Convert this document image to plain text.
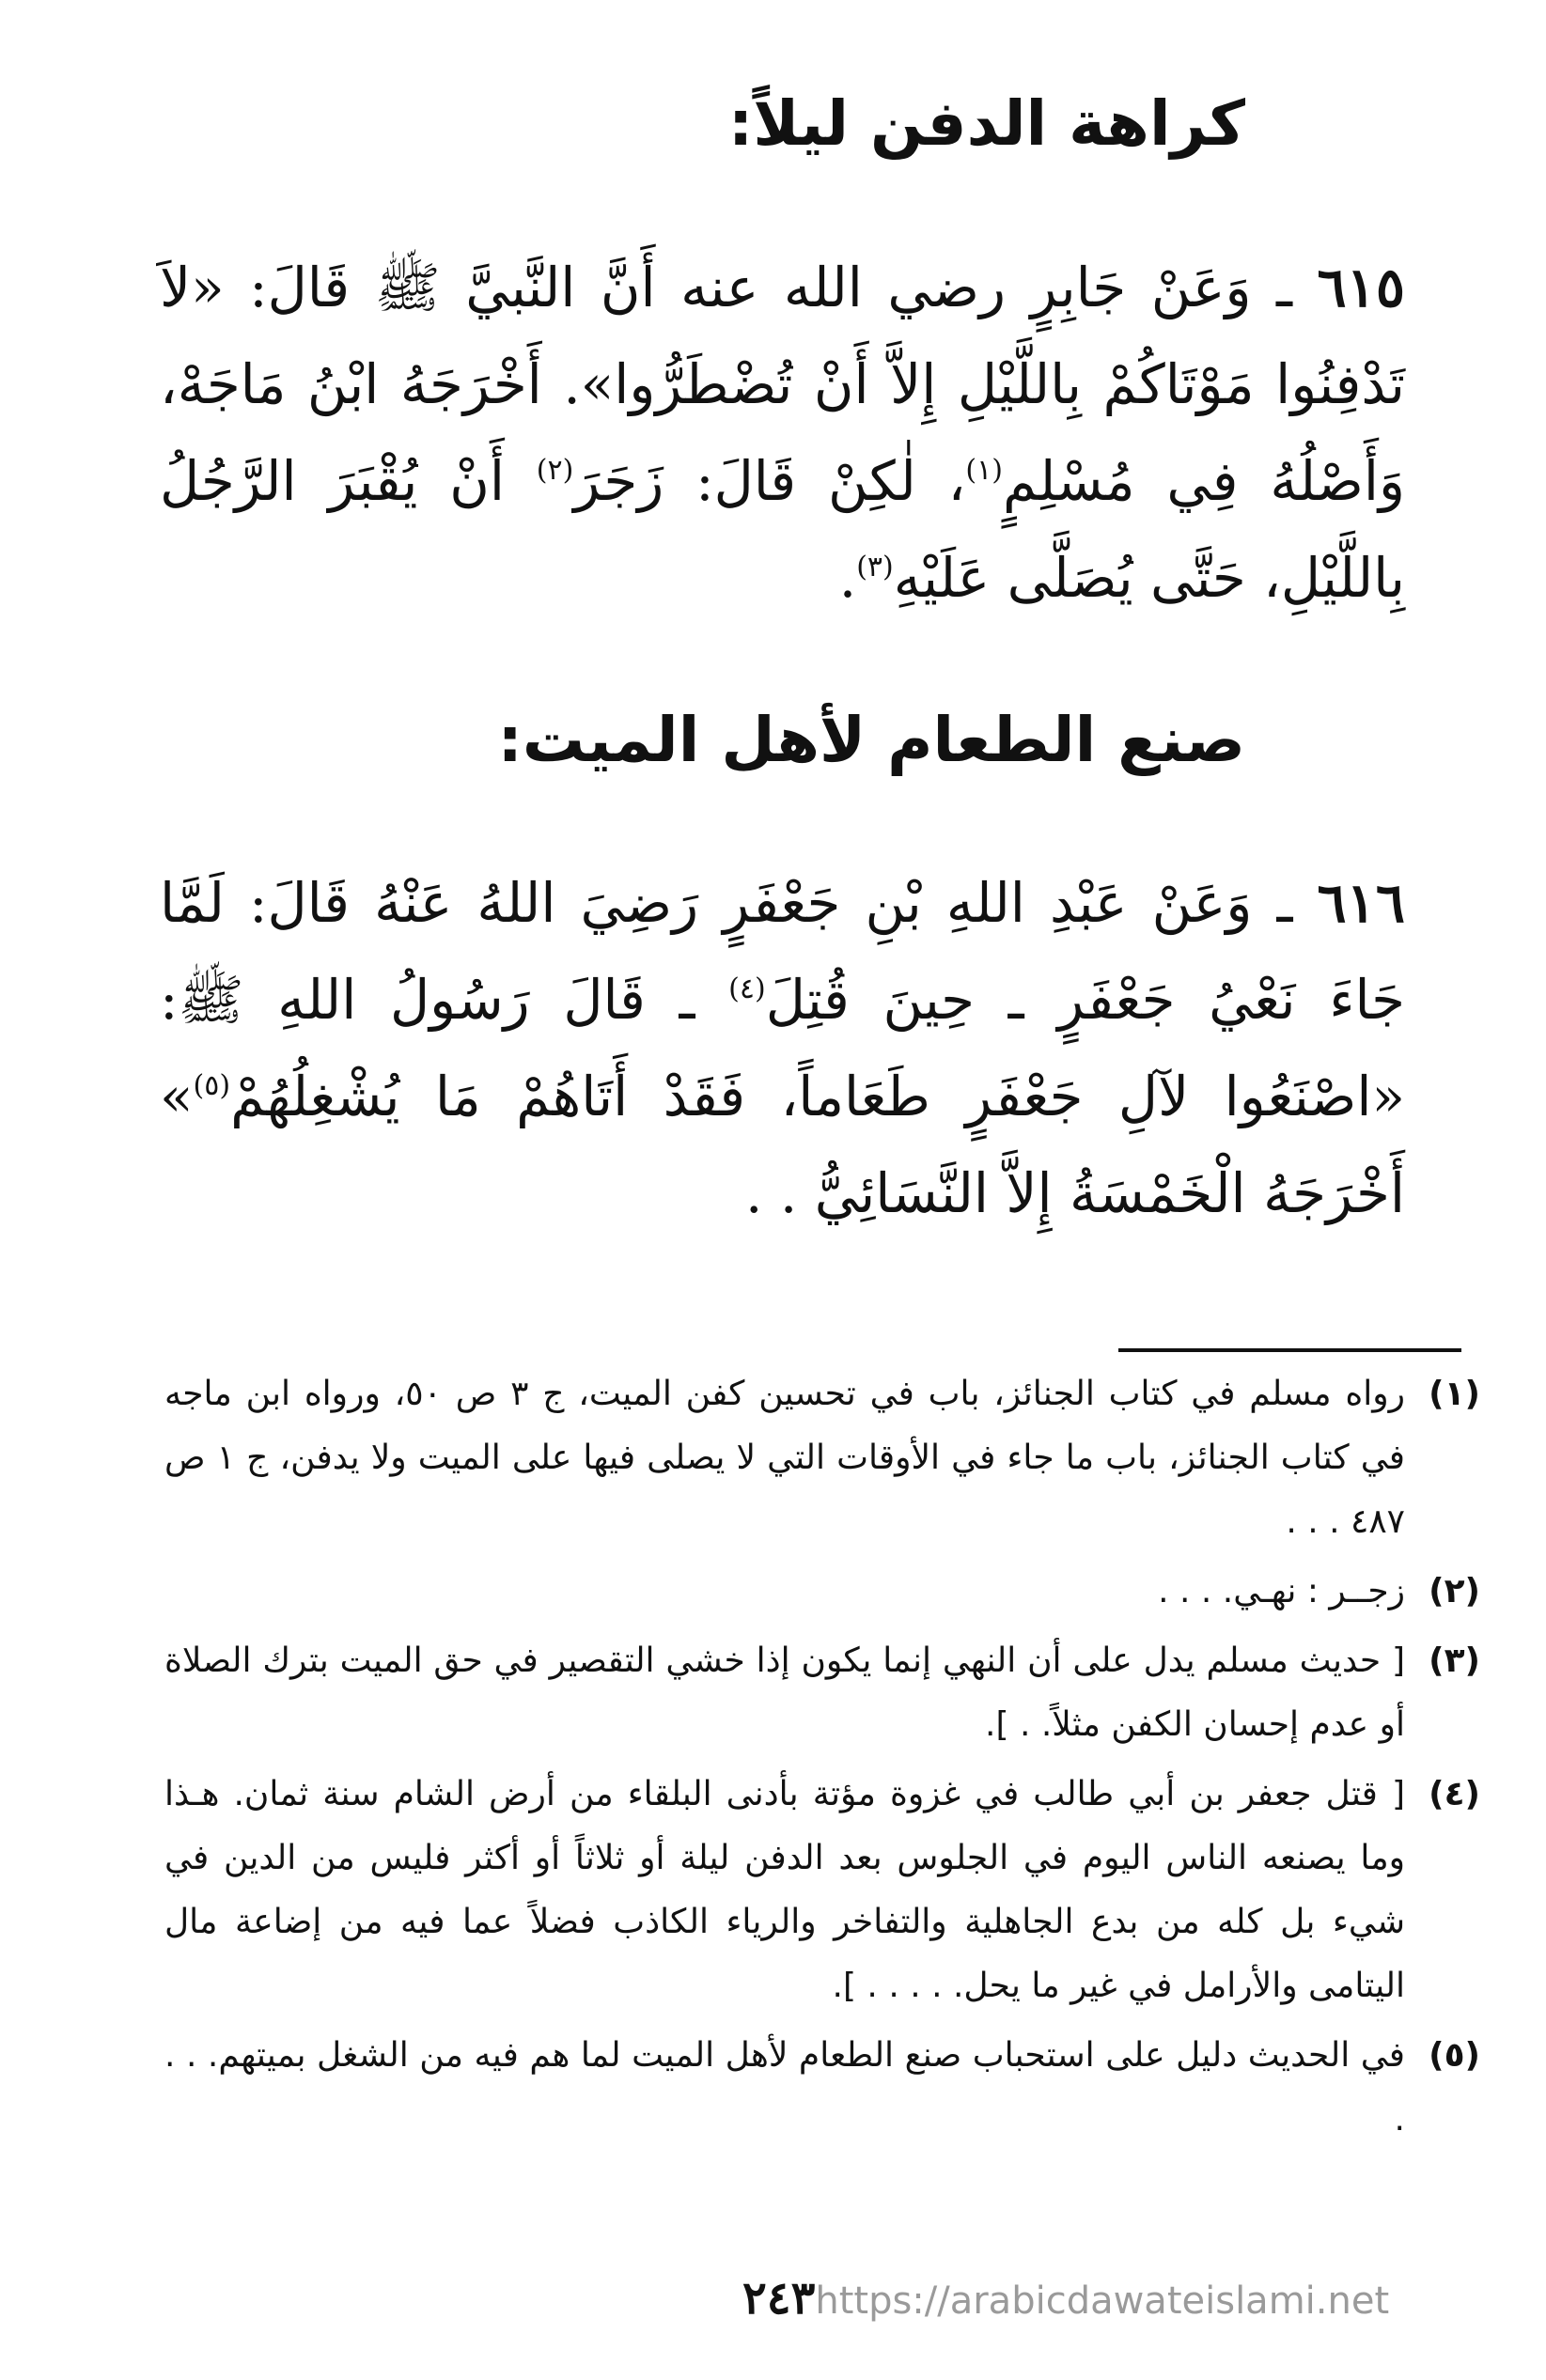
كراهة الدفن ليلاً:

٦١٥ ـ وَعَنْ جَابِرٍ رضي الله عنه أَنَّ النَّبيَّ ﷺ قَالَ: «لاَ تَدْفِنُوا مَوْتَاكُمْ بِاللَّيْلِ إِلاَّ أَنْ تُضْطَرُّوا». أَخْرَجَهُ ابْنُ مَاجَهْ، وَأَصْلُهُ فِي مُسْلِمٍ$^{(١)}$، لٰكِنْ قَالَ: زَجَرَ$^{(٢)}$ أَنْ يُقْبَرَ الرَّجُلُ بِاللَّيْلِ، حَتَّى يُصَلَّى عَلَيْهِ$^{(٣)}$.

صنع الطعام لأهل الميت:

٦١٦ ـ وَعَنْ عَبْدِ اللهِ بْنِ جَعْفَرٍ رَضِيَ اللهُ عَنْهُ قَالَ: لَمَّا جَاءَ نَعْيُ جَعْفَرٍ ـ حِينَ قُتِلَ$^{(٤)}$ ـ قَالَ رَسُولُ اللهِ ﷺ: «اصْنَعُوا لآلِ جَعْفَرٍ طَعَاماً، فَقَدْ أَتَاهُمْ مَا يُشْغِلُهُمْ$^{(٥)}$» أَخْرَجَهُ الْخَمْسَةُ إِلاَّ النَّسَائِيُّ . .

(١)
رواه مسلم في كتاب الجنائز، باب في تحسين كفن الميت، ج ٣ ص ٥٠، ورواه ابن ماجه في كتاب الجنائز، باب ما جاء في الأوقات التي لا يصلى فيها على الميت ولا يدفن، ج ١ ص ٤٨٧ . . .
(٢)
زجــر : نهـي. . . .
(٣)
[ حديث مسلم يدل على أن النهي إنما يكون إذا خشي التقصير في حق الميت بترك الصلاة أو عدم إحسان الكفن مثلاً. . ].
(٤)
[ قتل جعفر بن أبي طالب في غزوة مؤتة بأدنى البلقاء من أرض الشام سنة ثمان. هـذا وما يصنعه الناس اليوم في الجلوس بعد الدفن ليلة أو ثلاثاً أو أكثر فليس من الدين في شيء بل كله من بدع الجاهلية والتفاخر والرياء الكاذب فضلاً عما فيه من إضاعة مال اليتامى والأرامل في غير ما يحل. . . . . ].
(٥)
في الحديث دليل على استحباب صنع الطعام لأهل الميت لما هم فيه من الشغل بميتهم. . . .
٢٤٣https://arabicdawateislami.net
